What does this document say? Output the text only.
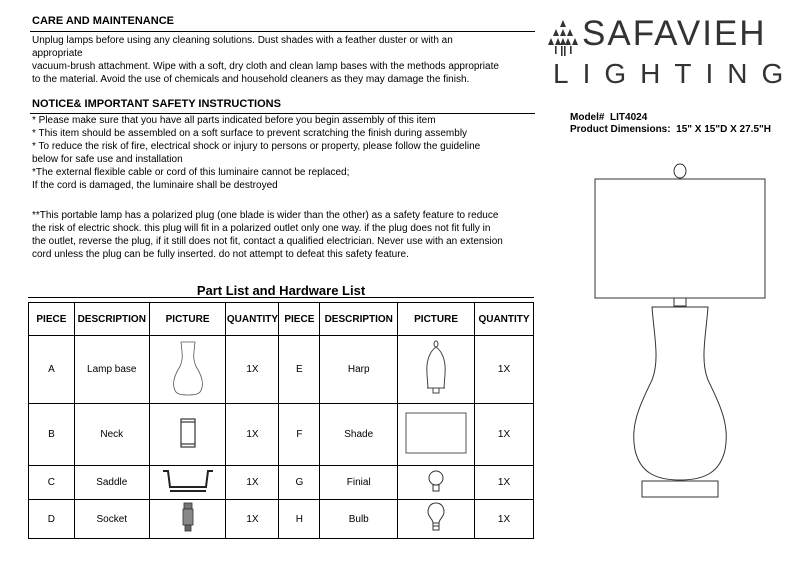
CARE AND MAINTENANCE
Unplug lamps before using any cleaning solutions. Dust shades with a feather duster or with an
appropriate
vacuum-brush attachment. Wipe with a soft, dry cloth and clean lamp bases with the methods appropriate
to the material. Avoid the use of chemicals and household cleaners as they may damage the finish.
NOTICE& IMPORTANT SAFETY INSTRUCTIONS
* Please make sure that you have all parts indicated before you begin assembly of this item
* This item should be assembled on a soft surface to prevent scratching the finish during assembly
* To reduce the risk of fire, electrical shock or injury to persons or property, please follow the guideline
below for safe use and installation
*The external flexible cable or cord of this luminaire cannot be replaced;
If the cord is damaged, the luminaire shall be destroyed
**This portable lamp has a polarized plug (one blade is wider than the other) as a safety feature to reduce
the risk of electric shock. this plug will fit in a polarized outlet only one way. if the plug does not fit fully in
the outlet, reverse the plug, if it still does not fit, contact a qualified electrician. Never use with an extension
cord unless the plug can be fully inserted. do not attempt to defeat this safety feature.
SAFAVIEH
LIGHTING
Model# LIT4024
Product Dimensions: 15" X 15"D X 27.5"H
Part List and Hardware List
PIECE	DESCRIPTION	PICTURE	QUANTITY	PIECE	DESCRIPTION	PICTURE	QUANTITY
A	Lamp base		1X	E	Harp		1X
B	Neck		1X	F	Shade		1X
C	Saddle		1X	G	Finial		1X
D	Socket		1X	H	Bulb		1X
